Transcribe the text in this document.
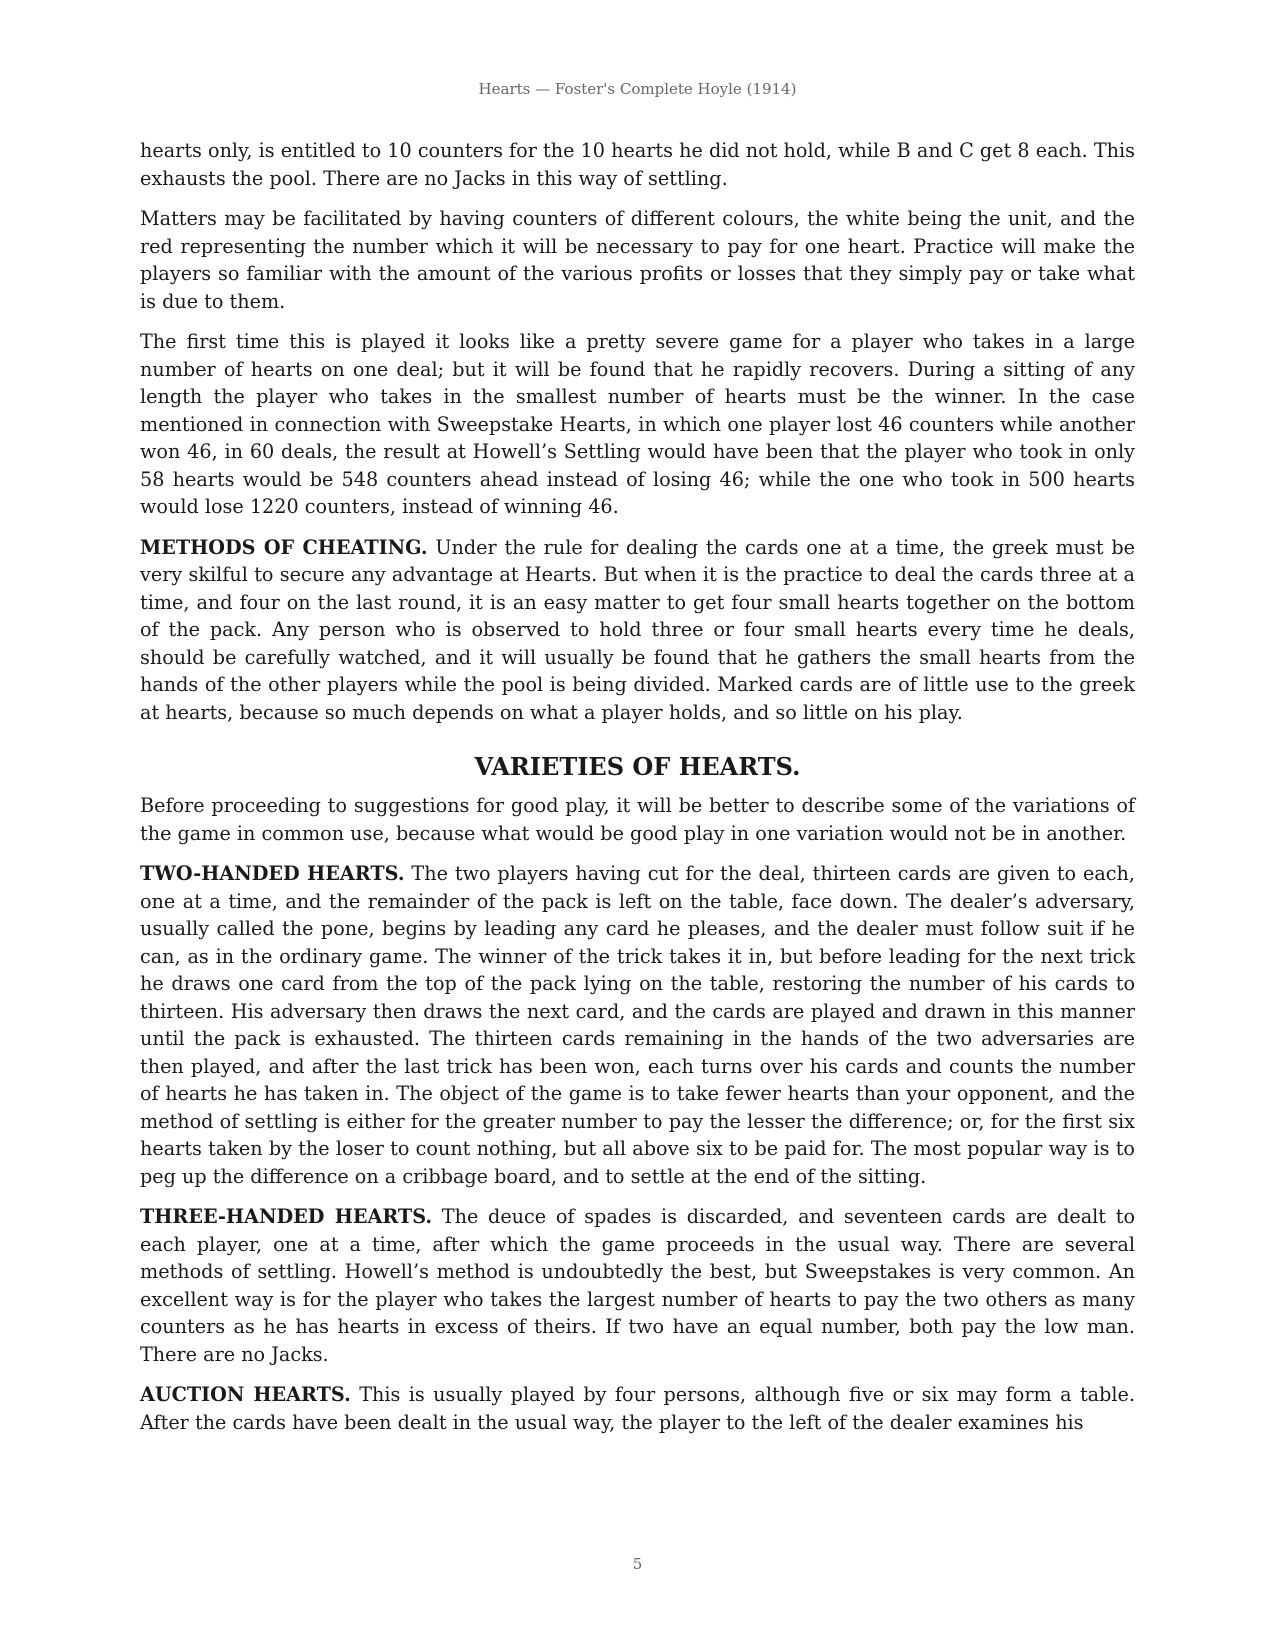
Hearts — Foster's Complete Hoyle (1914)

hearts only, is entitled to 10 counters for the 10 hearts he did not hold, while B and C get 8 each. This exhausts the pool. There are no Jacks in this way of settling.

Matters may be facilitated by having counters of different colours, the white being the unit, and the red representing the number which it will be necessary to pay for one heart. Practice will make the players so familiar with the amount of the various profits or losses that they simply pay or take what is due to them.

The first time this is played it looks like a pretty severe game for a player who takes in a large number of hearts on one deal; but it will be found that he rapidly recovers. During a sitting of any length the player who takes in the smallest number of hearts must be the winner. In the case mentioned in connection with Sweepstake Hearts, in which one player lost 46 counters while another won 46, in 60 deals, the result at Howell’s Settling would have been that the player who took in only 58 hearts would be 548 counters ahead instead of losing 46; while the one who took in 500 hearts would lose 1220 counters, instead of winning 46.

METHODS OF CHEATING. Under the rule for dealing the cards one at a time, the greek must be very skilful to secure any advantage at Hearts. But when it is the practice to deal the cards three at a time, and four on the last round, it is an easy matter to get four small hearts together on the bottom of the pack. Any person who is observed to hold three or four small hearts every time he deals, should be carefully watched, and it will usually be found that he gathers the small hearts from the hands of the other players while the pool is being divided. Marked cards are of little use to the greek at hearts, because so much depends on what a player holds, and so little on his play.

VARIETIES OF HEARTS.

Before proceeding to suggestions for good play, it will be better to describe some of the variations of the game in common use, because what would be good play in one variation would not be in another.

TWO-HANDED HEARTS. The two players having cut for the deal, thirteen cards are given to each, one at a time, and the remainder of the pack is left on the table, face down. The dealer’s adversary, usually called the pone, begins by leading any card he pleases, and the dealer must follow suit if he can, as in the ordinary game. The winner of the trick takes it in, but before leading for the next trick he draws one card from the top of the pack lying on the table, restoring the number of his cards to thirteen. His adversary then draws the next card, and the cards are played and drawn in this manner until the pack is exhausted. The thirteen cards remaining in the hands of the two adversaries are then played, and after the last trick has been won, each turns over his cards and counts the number of hearts he has taken in. The object of the game is to take fewer hearts than your opponent, and the method of settling is either for the greater number to pay the lesser the difference; or, for the first six hearts taken by the loser to count nothing, but all above six to be paid for. The most popular way is to peg up the difference on a cribbage board, and to settle at the end of the sitting.

THREE-HANDED HEARTS. The deuce of spades is discarded, and seventeen cards are dealt to each player, one at a time, after which the game proceeds in the usual way. There are several methods of settling. Howell’s method is undoubtedly the best, but Sweepstakes is very common. An excellent way is for the player who takes the largest number of hearts to pay the two others as many counters as he has hearts in excess of theirs. If two have an equal number, both pay the low man. There are no Jacks.

AUCTION HEARTS. This is usually played by four persons, although five or six may form a table. After the cards have been dealt in the usual way, the player to the left of the dealer examines his

5
